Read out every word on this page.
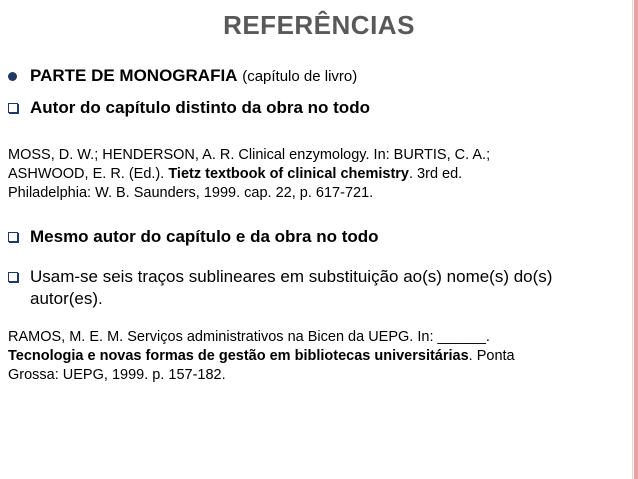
REFERÊNCIAS
PARTE DE MONOGRAFIA (capítulo de livro)
Autor do capítulo distinto da obra no todo
MOSS, D. W.; HENDERSON, A. R. Clinical enzymology. In: BURTIS, C. A.;
ASHWOOD, E. R. (Ed.). Tietz textbook of clinical chemistry. 3rd ed.
Philadelphia: W. B. Saunders, 1999. cap. 22, p. 617-721.
Mesmo autor do capítulo e da obra no todo
Usam-se seis traços sublineares em substituição ao(s) nome(s) do(s)
autor(es).
RAMOS, M. E. M. Serviços administrativos na Bicen da UEPG. In: ______.
Tecnologia e novas formas de gestão em bibliotecas universitárias. Ponta
Grossa: UEPG, 1999. p. 157-182.
